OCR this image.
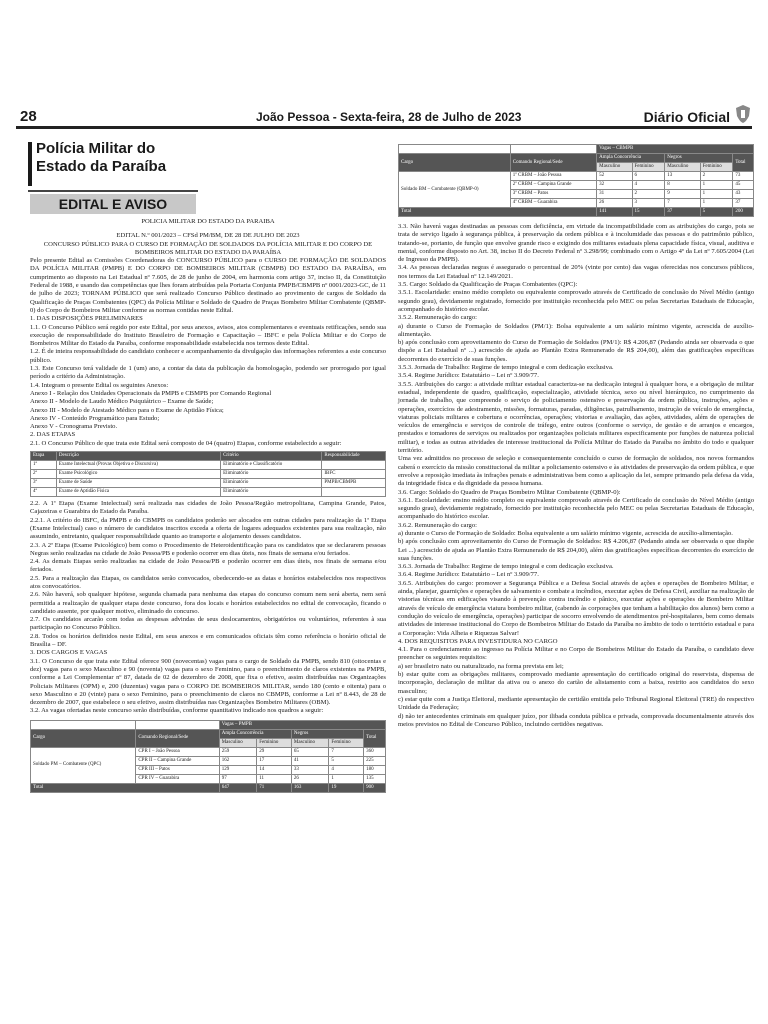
28	João Pessoa - Sexta-feira, 28 de Julho de 2023	Diário Oficial
Polícia Militar do
Estado da Paraíba
EDITAL E AVISO

POLICIA MILITAR DO ESTADO DA PARAIBA

EDITAL N.º 001/2023 – CFSd PM/BM, DE 28 DE JULHO DE 2023

CONCURSO PÚBLICO PARA O CURSO DE FORMAÇÃO DE SOLDADOS DA POLÍCIA MILITAR E DO CORPO DE BOMBEIROS MILITAR DO ESTADO DA PARAÍBA

Pelo presente Edital as Comissões Coordenadoras do CONCURSO PÚBLICO para o CURSO DE FORMAÇÃO DE SOLDADOS DA POLÍCIA MILITAR (PMPB) E DO CORPO DE BOMBEIROS MILITAR (CBMPB) DO ESTADO DA PARAÍBA, em cumprimento ao disposto na Lei Estadual nº 7.605, de 28 de junho de 2004, em harmonia com artigo 37, inciso II, da Constituição Federal de 1988, e usando das competências que lhes foram atribuídas pela Portaria Conjunta PMPB/CBMPB nº 0001/2023-GC, de 11 de julho de 2023; TORNAM PÚBLICO que será realizado Concurso Público destinado ao provimento de cargos de Soldado da Qualificação de Praças Combatentes (QPC) da Polícia Militar e Soldado de Quadro de Praças Bombeiro Militar Combatente (QBMP-0) do Corpo de Bombeiros Militar conforme as normas contidas neste Edital.

1. DAS DISPOSIÇÕES PRELIMINARES

1.1. O Concurso Público será regido por este Edital, por seus anexos, avisos, atos complementares e eventuais retificações, sendo sua execução de responsabilidade do Instituto Brasileiro de Formação e Capacitação – IBFC e pela Polícia Militar e do Corpo de Bombeiros Militar do Estado da Paraíba, conforme responsabilidade estabelecida nos termos deste Edital.

1.2. É de inteira responsabilidade do candidato conhecer e acompanhamento da divulgação das informações referentes a este concurso público.

1.3. Este Concurso terá validade de 1 (um) ano, a contar da data da publicação da homologação, podendo ser prorrogado por igual período a critério da Administração.

1.4. Integram o presente Edital os seguintes Anexos:

Anexo I - Relação dos Unidades Operacionais da PMPB e CBMPB por Comando Regional

Anexo II - Modelo de Laudo Médico Psiquiátrico – Exame de Saúde;

Anexo III - Modelo de Atestado Médico para o Exame de Aptidão Física;

Anexo IV - Conteúdo Programático para Estudo;

Anexo V - Cronograma Previsto.

2. DAS ETAPAS

2.1. O Concurso Público de que trata este Edital será composto de 04 (quatro) Etapas, conforme estabelecido a seguir:

Etapa	Descrição	Critério	Responsabilidade
1ª	Exame Intelectual (Provas Objetiva e Discursiva)	Eliminatório e Classificatório	
2ª	Exame Psicológico	Eliminatório	IBFC
3ª	Exame de Saúde	Eliminatório	PMPB/CBMPB
4ª	Exame de Aptidão Física	Eliminatório	

2.2. A 1ª Etapa (Exame Intelectual) será realizada nas cidades de João Pessoa/Região metropolitana, Campina Grande, Patos, Cajazeiras e Guarabira do Estado da Paraíba.

2.2.1. A critério do IBFC, da PMPB e do CBMPB os candidatos poderão ser alocados em outras cidades para realização da 1ª Etapa (Exame Intelectual) caso o número de candidatos inscritos exceda a oferta de lugares adequados existentes para sua realização, não assumindo, entretanto, qualquer responsabilidade quanto ao transporte e alojamento desses candidatos.

2.3. A 2ª Etapa (Exame Psicológico) bem como o Procedimento de Heteroidentificação para os candidatos que se declararem pessoas Negras serão realizadas na cidade de João Pessoa/PB e poderão ocorrer em dias úteis, nos finais de semana e/ou feriados.

2.4. As demais Etapas serão realizadas na cidade de João Pessoa/PB e poderão ocorrer em dias úteis, nos finais de semana e/ou feriados.

2.5. Para a realização das Etapas, os candidatos serão convocados, obedecendo-se as datas e horários estabelecidos nos respectivos atos convocatórios.

2.6. Não haverá, sob qualquer hipótese, segunda chamada para nenhuma das etapas do concurso comum nem será aberta, nem será permitida a realização de qualquer etapa deste concurso, fora dos locais e horários estabelecidos no edital de convocação, ficando o candidato ausente, por qualquer motivo, eliminado do concurso.

2.7. Os candidatos arcarão com todas as despesas advindas de seus deslocamentos, obrigatórios ou voluntários, referentes à sua participação no Concurso Público.

2.8. Todos os horários definidos neste Edital, em seus anexos e em comunicados oficiais têm como referência o horário oficial de Brasília – DF.

3. DOS CARGOS E VAGAS

3.1. O Concurso de que trata este Edital oferece 900 (novecentas) vagas para o cargo de Soldado da PMPB, sendo 810 (oitocentas e dez) vagas para o sexo Masculino e 90 (noventa) vagas para o sexo Feminino, para o preenchimento de claros existentes na PMPB, conforme a Lei Complementar nº 87, datada de 02 de dezembro de 2008, que fixa o efetivo, assim distribuídas nas Organizações Policiais Militares (OPM) e, 200 (duzentas) vagas para o CORPO DE BOMBEIROS MILITAR, sendo 180 (cento e oitenta) para o sexo Masculino e 20 (vinte) para o sexo Feminino, para o preenchimento de claros no CBMPB, conforme a Lei nº 8.443, de 28 de dezembro de 2007, que estabelece o seu efetivo, assim distribuídas nas Organizações Bombeiro Militares (OBM).

3.2. As vagas ofertadas neste concurso serão distribuídas, conforme quantitativo indicado nos quadros a seguir:

		Vagas – PMPB				
Cargo	Comando Regional/Sede	Ampla Concorrência		Negros		Total
		Masculino	Feminino	Masculino	Feminino	
Soldado PM – Combatente (QPC)	CPR I – João Pessoa	259	29	65	7	360
	CPR II – Campina Grande	162	17	41	5	225
	CPR III – Patos	129	14	33	4	180
	CPR IV – Guarabira	97	11	26	1	135
Total		647	71	163	19	900
		Vagas – CBMPB				
Cargo	Comando Regional/Sede	Ampla Concorrência		Negros		Total
		Masculino	Feminino	Masculino	Feminino	
Soldado BM – Combatente (QBMP-0)	1º CRBM – João Pessoa	52	6	13	2	73
	2º CRBM – Campina Grande	32	4	8	1	45
	3º CRBM – Patos	31	2	9	1	43
	4º CRBM – Guarabira	26	3	7	1	37
Total		141	15	37	5	200

3.3. Não haverá vagas destinadas as pessoas com deficiência, em virtude da incompatibilidade com as atribuições do cargo, pois se trata de serviço ligado à segurança pública, à preservação da ordem pública e à incolumidade das pessoas e do patrimônio público, tratando-se, portanto, de função que envolve grande risco e exigindo dos militares estaduais plena capacidade física, visual, auditiva e mental, conforme disposto no Art. 38, inciso II do Decreto Federal nº 3.298/99; combinado com o Artigo 4º da Lei nº 7.605/2004 (Lei de Ingresso da PMPB).

3.4. As pessoas declaradas negras é assegurado o percentual de 20% (vinte por cento) das vagas oferecidas nos concursos públicos, nos termos da Lei Estadual nº 12.149/2021.

3.5. Cargo: Soldado da Qualificação de Praças Combatentes (QPC):

3.5.1. Escolaridade: ensino médio completo ou equivalente comprovado através de Certificado de conclusão do Nível Médio (antigo segundo grau), devidamente registrado, fornecido por instituição reconhecida pelo MEC ou pelas Secretarias Estaduais de Educação, acompanhado do histórico escolar.

3.5.2. Remuneração do cargo:

a) durante o Curso de Formação de Soldados (PM/1): Bolsa equivalente a um salário mínimo vigente, acrescida de auxílio-alimentação.

b) após conclusão com aproveitamento do Curso de Formação de Soldados (PM/1): R$ 4.206,87 (Pedando ainda ser observada o que dispõe a Lei Estadual nº ...) acrescido de ajuda ao Plantão Extra Remunerado de R$ 204,00), além das gratificações específicas decorrentes do exercício de suas funções.

3.5.3. Jornada de Trabalho: Regime de tempo integral e com dedicação exclusiva.

3.5.4. Regime Jurídico: Estatutário – Lei nº 3.909/77.

3.5.5. Atribuições do cargo: a atividade militar estadual caracteriza-se na dedicação integral à qualquer hora, e a obrigação de militar estadual, independente de quadro, qualificação, especialização, atividade técnica, sexo ou nível hierárquico, no cumprimento da jornada de trabalho, que compreende o serviço de policiamento ostensivo e preservação da ordem pública, instruções, ações e operações, exercícios de adestramento, missões, formaturas, paradas, diligências, patrulhamento, instrução de veículo de emergência, viaturas policiais militares e cobertura e ocorrências, operações; vistorias e avaliação, das ações, atividades, além de operações de veículos de emergência e serviços de controle de tráfego, entre outros (conforme o serviço, de gestão e de arranjos e encargos, prestados e tomadores de serviços ou realizados por organizações policiais militares especificamente por funções de natureza policial militar), e todas as outras atividades de interesse institucional da Polícia Militar do Estado da Paraíba no âmbito do todo e qualquer território.

Uma vez admitidos no processo de seleção e consequentemente concluído o curso de formação de soldados, nos novos formandos caberá o exercício da missão constitucional da militar a policiamento ostensivo e às atividades de preservação da ordem pública, e que envolve a reposição imediata às infrações penais e administrativas bem como a aplicação da lei, sempre primando pela defesa da vida, da integridade física e da dignidade da pessoa humana.

3.6. Cargo: Soldado do Quadro de Praças Bombeiro Militar Combatente (QBMP-0):

3.6.1. Escolaridade: ensino médio completo ou equivalente comprovado através de Certificado de conclusão do Nível Médio (antigo segundo grau), devidamente registrado, fornecido por instituição reconhecida pelo MEC ou pelas Secretarias Estaduais de Educação, acompanhado do histórico escolar.

3.6.2. Remuneração do cargo:

a) durante o Curso de Formação de Soldado: Bolsa equivalente a um salário mínimo vigente, acrescida de auxílio-alimentação.

b) após conclusão com aproveitamento do Curso de Formação de Soldados: R$ 4.206,87 (Pedando ainda ser observada o que dispõe Lei ...) acrescido de ajuda ao Plantão Extra Remunerado de R$ 204,00), além das gratificações específicas decorrentes do exercício de suas funções.

3.6.3. Jornada de Trabalho: Regime de tempo integral e com dedicação exclusiva.

3.6.4. Regime Jurídico: Estatutário – Lei nº 3.909/77.

3.6.5. Atribuições do cargo: promover a Segurança Pública e a Defesa Social através de ações e operações de Bombeiro Militar, e ainda, planejar, guarnições e operações de salvamento e combate a incêndios, executar ações de Defesa Civil, auxiliar na realização de vistorias técnicas em edificações visando à prevenção contra incêndio e pânico, executar ações e operações de Bombeiro Militar através de veículo de emergência viatura bombeiro militar, (cabendo às corporações que tenham a habilitação dos alunos) bem como a condução do veículo de emergência, operações) participar de socorro envolvendo de atendimentos pré-hospitalares, bem como demais atividades de interesse institucional do Corpo de Bombeiros Militar do Estado da Paraíba no âmbito de todo o território estadual e para a Corporação: Vida Alheia e Riquezas Salvar!

4. DOS REQUISITOS PARA INVESTIDURA NO CARGO

4.1. Para o credenciamento ao ingresso na Polícia Militar e no Corpo de Bombeiros Militar do Estado da Paraíba, o candidato deve preencher os seguintes requisitos:

a) ser brasileiro nato ou naturalizado, na forma prevista em lei;

b) estar quite com as obrigações militares, comprovado mediante apresentação do certificado original do reservista, dispensa de incorporação, declaração de militar da ativa ou o anexo do cartão de alistamento com a baixa, restrito aos candidatos do sexo masculino;

c) estar quite com a Justiça Eleitoral, mediante apresentação de certidão emitida pelo Tribunal Regional Eleitoral (TRE) do respectivo Unidade da Federação;

d) não ter antecedentes criminais em qualquer juízo, por ilibada conduta pública e privada, comprovada documentalmente através dos meios previstos no Edital de Concurso Público, incluindo certidões negativas.
